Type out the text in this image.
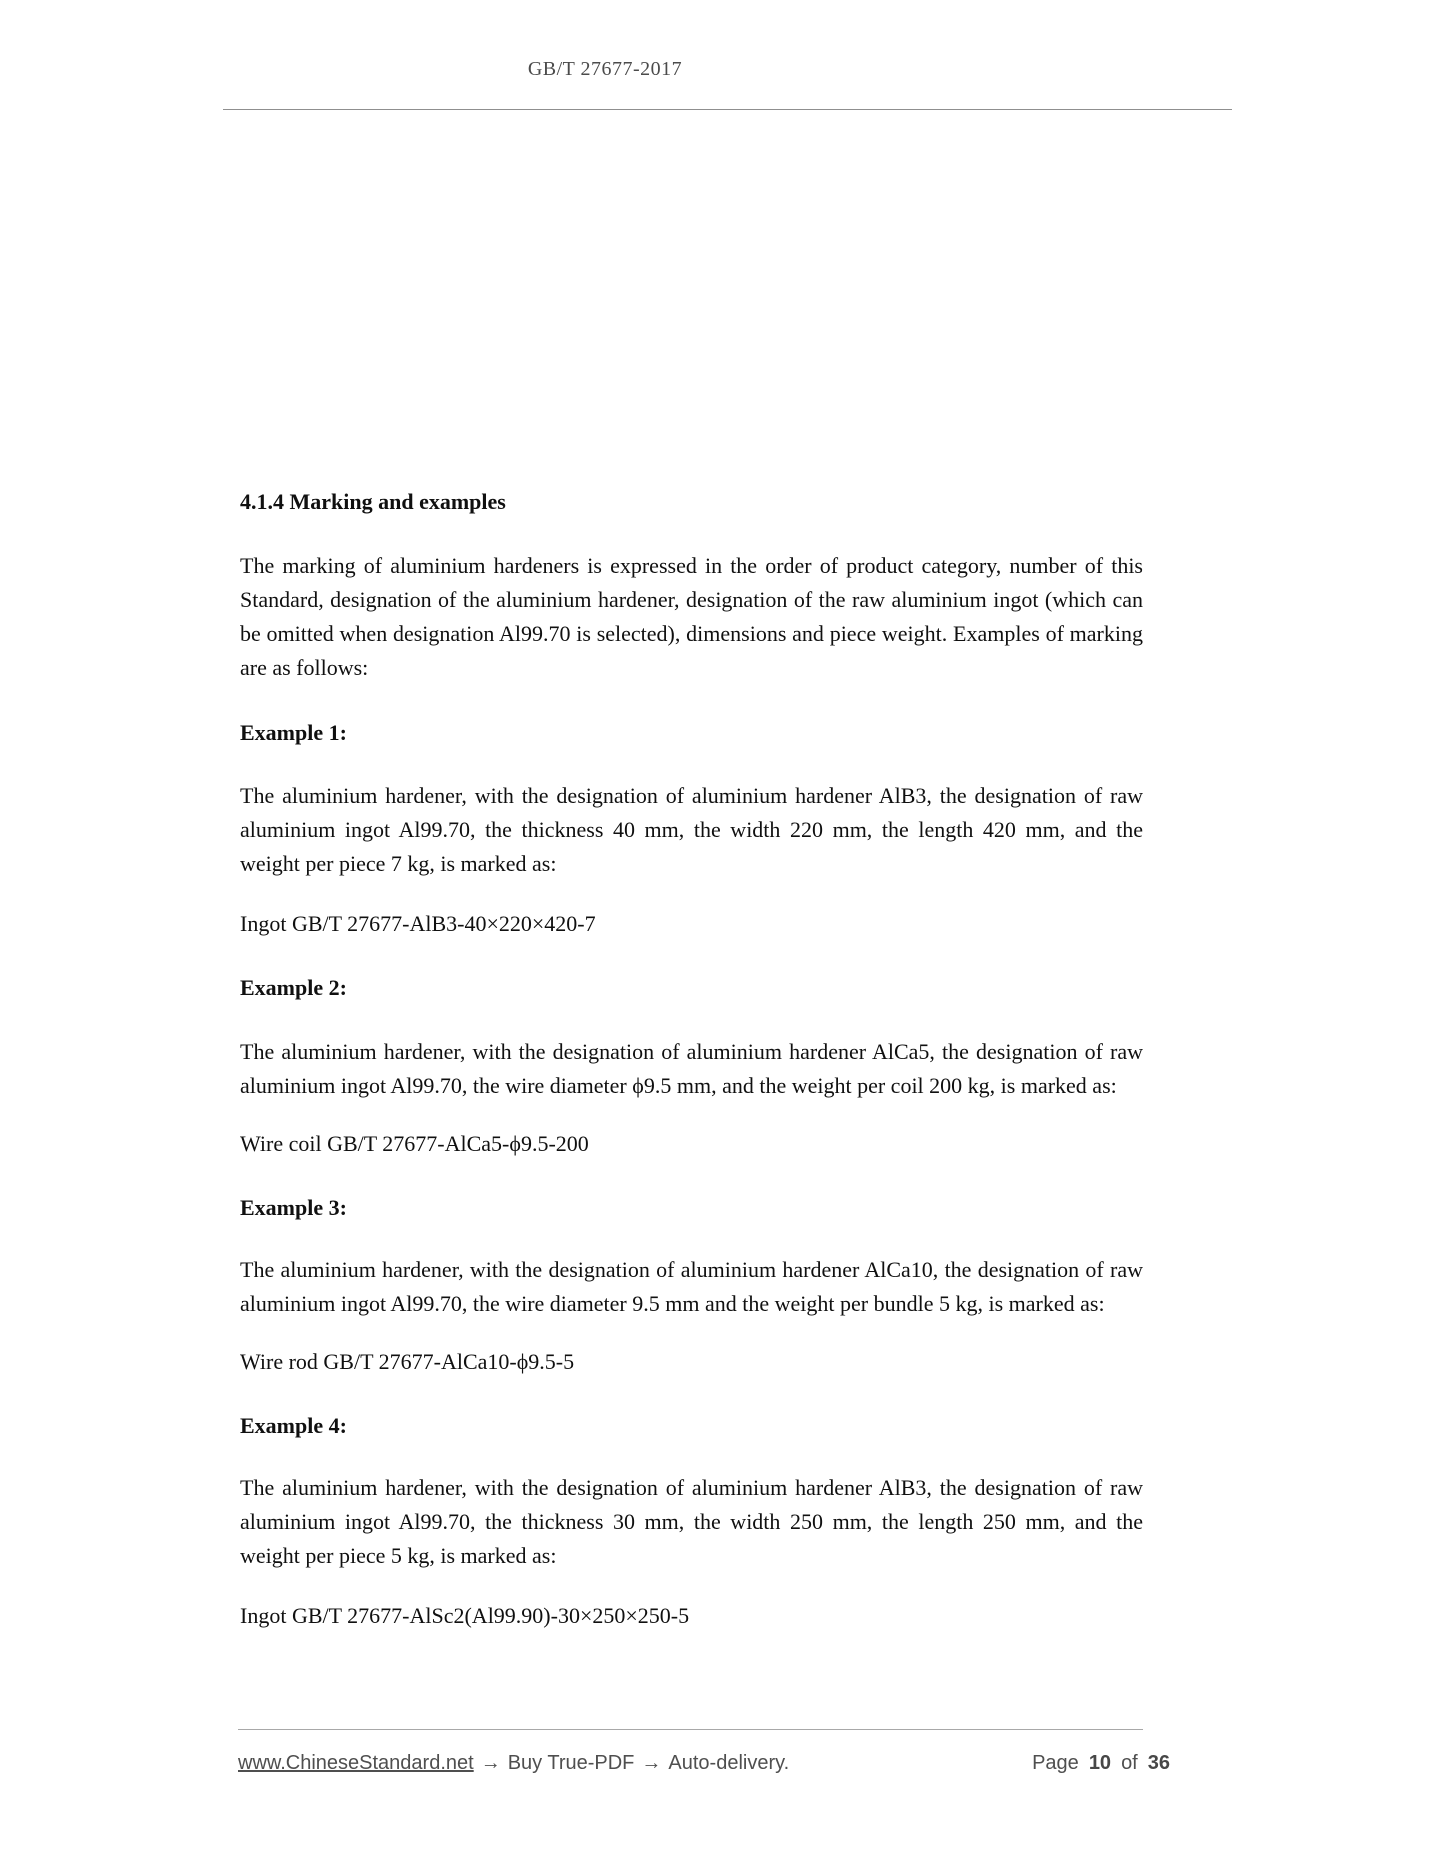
GB/T 27677-2017
4.1.4 Marking and examples

The marking of aluminium hardeners is expressed in the order of product category, number of this Standard, designation of the aluminium hardener, designation of the raw aluminium ingot (which can be omitted when designation Al99.70 is selected), dimensions and piece weight. Examples of marking are as follows:

Example 1:

The aluminium hardener, with the designation of aluminium hardener AlB3, the designation of raw aluminium ingot Al99.70, the thickness 40 mm, the width 220 mm, the length 420 mm, and the weight per piece 7 kg, is marked as:

Ingot GB/T 27677-AlB3-40×220×420-7

Example 2:

The aluminium hardener, with the designation of aluminium hardener AlCa5, the designation of raw aluminium ingot Al99.70, the wire diameter ϕ9.5 mm, and the weight per coil 200 kg, is marked as:

Wire coil GB/T 27677-AlCa5-ϕ9.5-200

Example 3:

The aluminium hardener, with the designation of aluminium hardener AlCa10, the designation of raw aluminium ingot Al99.70, the wire diameter 9.5 mm and the weight per bundle 5 kg, is marked as:

Wire rod GB/T 27677-AlCa10-ϕ9.5-5

Example 4:

The aluminium hardener, with the designation of aluminium hardener AlB3, the designation of raw aluminium ingot Al99.70, the thickness 30 mm, the width 250 mm, the length 250 mm, and the weight per piece 5 kg, is marked as:

Ingot GB/T 27677-AlSc2(Al99.90)-30×250×250-5

www.ChineseStandard.net → Buy True-PDF → Auto-delivery.	Page 10 of 36
